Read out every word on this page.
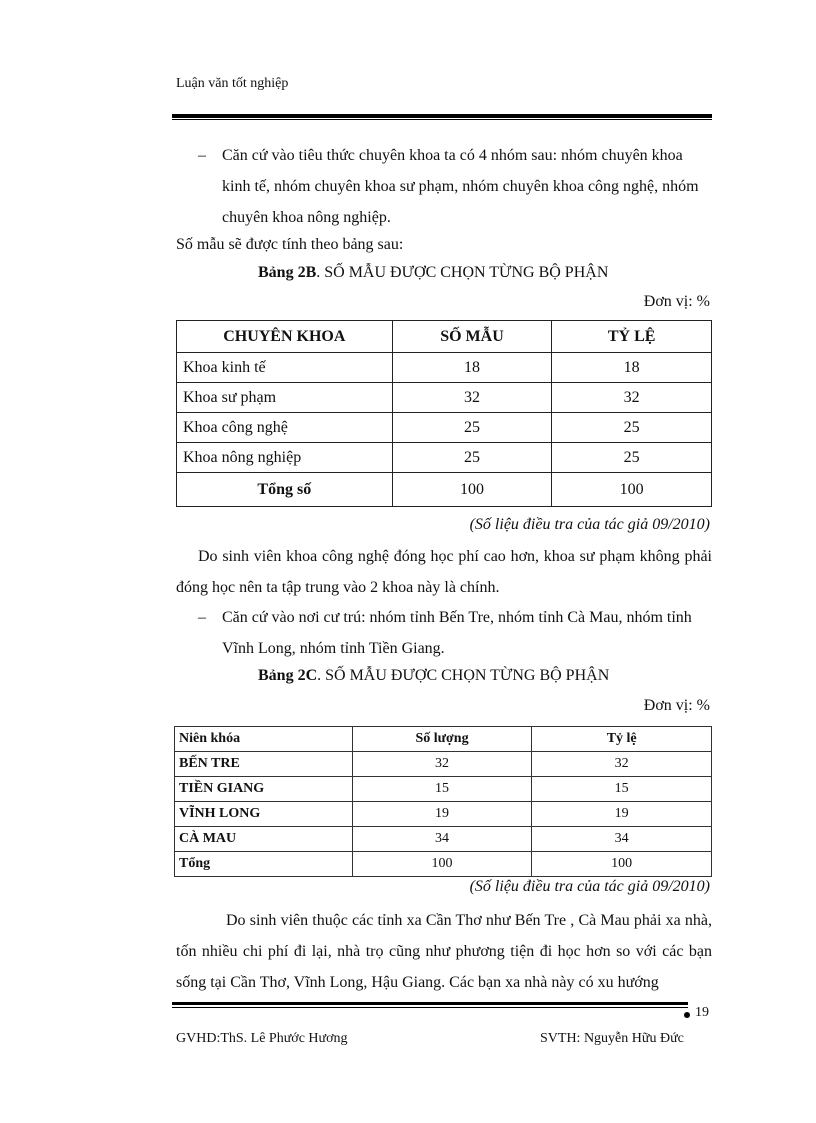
Luận văn tốt nghiệp
– Căn cứ vào tiêu thức chuyên khoa ta có 4 nhóm sau: nhóm chuyên khoa kinh tế, nhóm chuyên khoa sư phạm, nhóm chuyên khoa công nghệ, nhóm chuyên khoa nông nghiệp.
Số mẫu sẽ được tính theo bảng sau:
Bảng 2B. SỐ MẪU ĐƯỢC CHỌN TỪNG BỘ PHẬN
Đơn vị: %
CHUYÊN KHOA	SỐ MẪU	TỶ LỆ
Khoa kinh tế	18	18
Khoa sư phạm	32	32
Khoa công nghệ	25	25
Khoa nông nghiệp	25	25
Tổng số	100	100
(Số liệu điều tra của tác giả 09/2010)
Do sinh viên khoa công nghệ đóng học phí cao hơn, khoa sư phạm không phải đóng học nên ta tập trung vào 2 khoa này là chính.
– Căn cứ vào nơi cư trú: nhóm tỉnh Bến Tre, nhóm tỉnh Cà Mau, nhóm tỉnh Vĩnh Long, nhóm tỉnh Tiền Giang.
Bảng 2C. SỐ MẪU ĐƯỢC CHỌN TỪNG BỘ PHẬN
Đơn vị: %
Niên khóa	Số lượng	Tỷ lệ
BẾN TRE	32	32
TIỀN GIANG	15	15
VĨNH LONG	19	19
CÀ MAU	34	34
Tổng	100	100
(Số liệu điều tra của tác giả 09/2010)
Do sinh viên thuộc các tỉnh xa Cần Thơ như Bến Tre , Cà Mau phải xa nhà, tốn nhiều chi phí đi lại, nhà trọ cũng như phương tiện đi học hơn so với các bạn sống tại Cần Thơ, Vĩnh Long, Hậu Giang. Các bạn xa nhà này có xu hướng
19
GVHD:ThS. Lê Phước Hương	SVTH: Nguyễn Hữu Đức
